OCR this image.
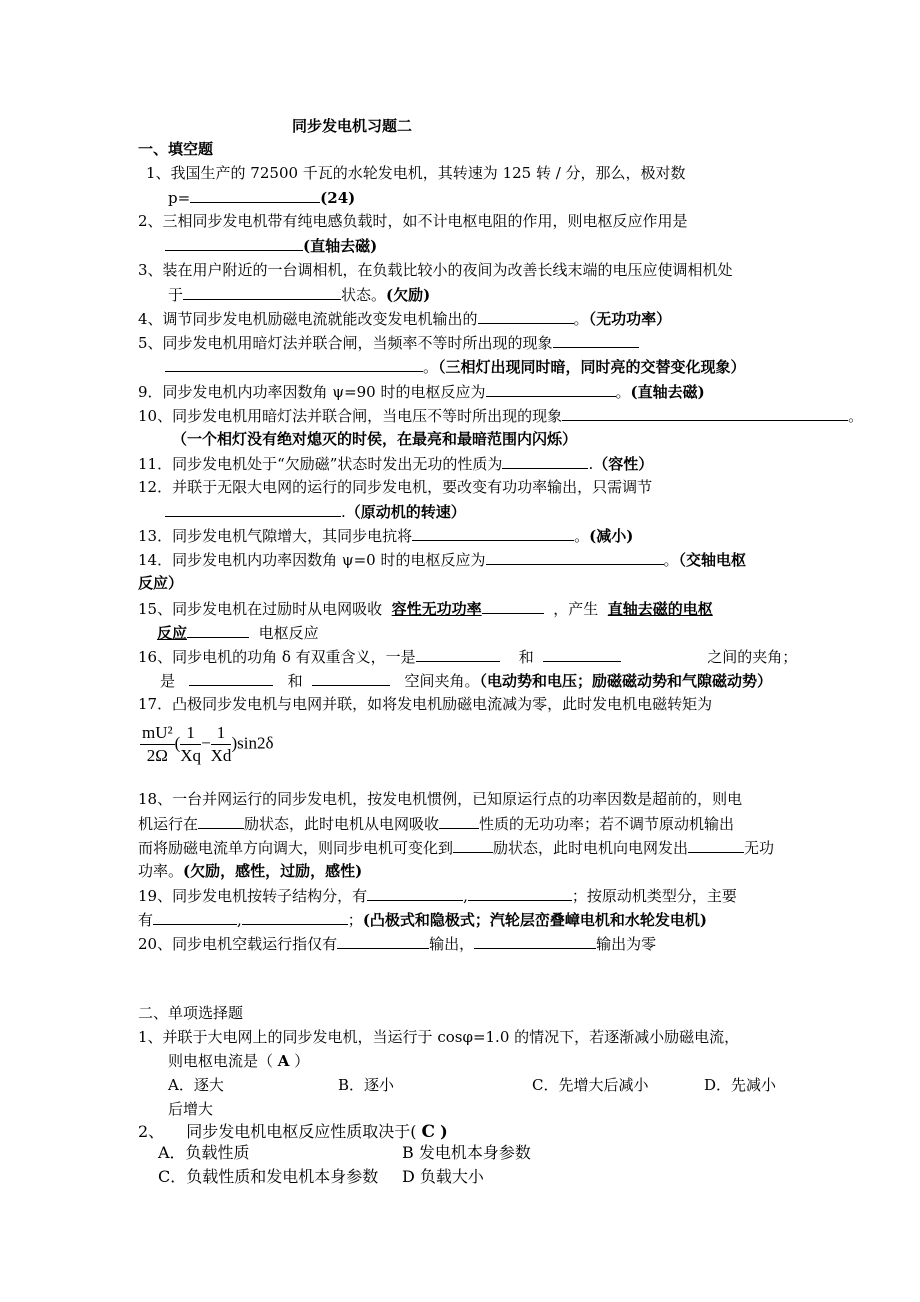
同步发电机习题二
一、填空题
1、我国生产的 72500 千瓦的水轮发电机，其转速为 125 转 / 分，那么，极对数
p=	(24)
2、三相同步发电机带有纯电感负载时，如不计电枢电阻的作用，则电枢反应作用是
(直轴去磁)
3、装在用户附近的一台调相机，在负载比较小的夜间为改善长线末端的电压应使调相机处
于	状态。(欠励)
4、调节同步发电机励磁电流就能改变发电机输出的	。（无功功率）
5、同步发电机用暗灯法并联合闸，当频率不等时所出现的现象
。（三相灯出现同时暗，同时亮的交替变化现象）
9．同步发电机内功率因数角 ψ=90 时的电枢反应为	。(直轴去磁)
10、同步发电机用暗灯法并联合闸，当电压不等时所出现的现象	。
（一个相灯没有绝对熄灭的时侯，在最亮和最暗范围内闪烁）
11．同步发电机处于“欠励磁”状态时发出无功的性质为	.（容性）
12．并联于无限大电网的运行的同步发电机，要改变有功功率输出，只需调节
.（原动机的转速）
13．同步发电机气隙增大，其同步电抗将	。(减小)
14．同步发电机内功率因数角 ψ=0 时的电枢反应为	。（交轴电枢
反应）
15、同步发电机在过励时从电网吸收 容性无功功率	，产生 直轴去磁的电枢
反应	电枢反应
16、同步电机的功角 δ 有双重含义，一是	和	之间的夹角；
是	和	空间夹角。（电动势和电压；励磁磁动势和气隙磁动势）
17．凸极同步发电机与电网并联，如将发电机励磁电流减为零，此时发电机电磁转矩为
$\frac{\text{mU²}}{2\Omega}$ ( $\frac{1}{Xq} - \frac{1}{Xd} )\sin 2\delta$
18、一台并网运行的同步发电机，按发电机惯例，已知原运行点的功率因数是超前的，则电
机运行在	励状态，此时电机从电网吸收	性质的无功功率；若不调节原动机输出
而将励磁电流单方向调大，则同步电机可变化到	励状态，此时电机向电网发出	无功
功率。(欠励，感性，过励，感性)
19、同步发电机按转子结构分，有	,	；按原动机类型分，主要
有	,	；(凸极式和隐极式；汽轮层峦叠嶂电机和水轮发电机)
20、同步电机空载运行指仅有	输出，	输出为零
二、单项选择题
1、并联于大电网上的同步发电机，当运行于 cosφ=1.0 的情况下，若逐渐减小励磁电流，
则电枢电流是（ A ）
A．逐大	B．逐小	C．先增大后减小	D．先减小
后增大
2、 同步发电机电枢反应性质取决于( C )
A．负载性质	B 发电机本身参数
C．负载性质和发电机本身参数 D 负载大小
